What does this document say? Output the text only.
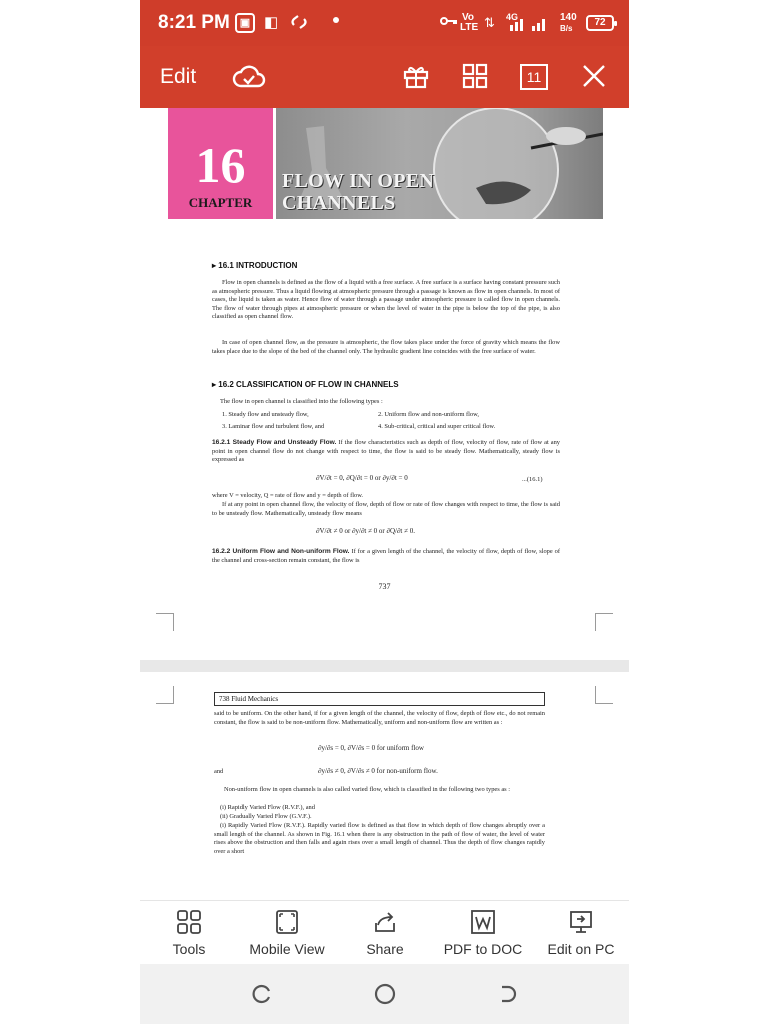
8:21 PM ▣ ◧	Vo
LTE ⇅ 4G	140
B/s
72
Edit	11
16
CHAPTER
FLOW IN OPEN
CHANNELS
▸ 16.1 INTRODUCTION
Flow in open channels is defined as the flow of a liquid with a free surface. A free surface is a surface having constant pressure such as atmospheric pressure. Thus a liquid flowing at atmospheric pressure through a passage is known as flow in open channels. In most of cases, the liquid is taken as water. Hence flow of water through a passage under atmospheric pressure is called flow in open channels. The flow of water through pipes at atmospheric pressure or when the level of water in the pipe is below the top of the pipe, is also classified as open channel flow.
In case of open channel flow, as the pressure is atmospheric, the flow takes place under the force of gravity which means the flow takes place due to the slope of the bed of the channel only. The hydraulic gradient line coincides with the free surface of water.
▸ 16.2 CLASSIFICATION OF FLOW IN CHANNELS
The flow in open channel is classified into the following types :
1. Steady flow and unsteady flow,	2. Uniform flow and non-uniform flow,
3. Laminar flow and turbulent flow, and	4. Sub-critical, critical and super critical flow.
16.2.1 Steady Flow and Unsteady Flow. If the flow characteristics such as depth of flow, velocity of flow, rate of flow at any point in open channel flow do not change with respect to time, the flow is said to be steady flow. Mathematically, steady flow is expressed as
∂V/∂t = 0, ∂Q/∂t = 0 or ∂y/∂t = 0	...(16.1)
where V = velocity, Q = rate of flow and y = depth of flow.
If at any point in open channel flow, the velocity of flow, depth of flow or rate of flow changes with respect to time, the flow is said to be unsteady flow. Mathematically, unsteady flow means
∂V/∂t ≠ 0 or ∂y/∂t ≠ 0 or ∂Q/∂t ≠ 0.
16.2.2 Uniform Flow and Non-uniform Flow. If for a given length of the channel, the velocity of flow, depth of flow, slope of the channel and cross-section remain constant, the flow is
737
738 Fluid Mechanics
said to be uniform. On the other hand, if for a given length of the channel, the velocity of flow, depth of flow etc., do not remain constant, the flow is said to be non-uniform flow. Mathematically, uniform and non-uniform flow are written as :
∂y/∂s = 0, ∂V/∂s = 0 for uniform flow
and	∂y/∂s ≠ 0, ∂V/∂s ≠ 0 for non-uniform flow.
Non-uniform flow in open channels is also called varied flow, which is classified in the following two types as :
(i) Rapidly Varied Flow (R.V.F.), and
(ii) Gradually Varied Flow (G.V.F.).
(i) Rapidly Varied Flow (R.V.F.). Rapidly varied flow is defined as that flow in which depth of flow changes abruptly over a small length of the channel. As shown in Fig. 16.1 when there is any obstruction in the path of flow of water, the level of water rises above the obstruction and then falls and again rises over a small length of channel. Thus the depth of flow changes rapidly over a short
Tools	Mobile View	Share	PDF to DOC	Edit on PC
